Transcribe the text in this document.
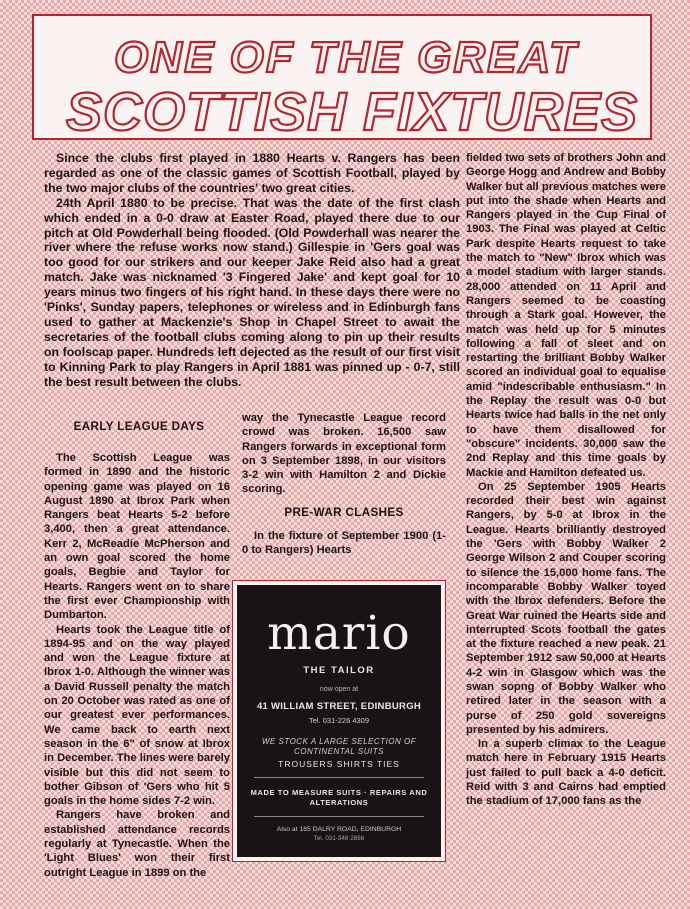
ONE OF THE GREAT
SCOTTISH FIXTURES

Since the clubs first played in 1880 Hearts v. Rangers has been regarded as one of the classic games of Scottish Football, played by the two major clubs of the countries' two great cities.

24th April 1880 to be precise. That was the date of the first clash which ended in a 0-0 draw at Easter Road, played there due to our pitch at Old Powderhall being flooded. (Old Powderhall was nearer the river where the refuse works now stand.) Gillespie in 'Gers goal was too good for our strikers and our keeper Jake Reid also had a great match. Jake was nicknamed '3 Fingered Jake' and kept goal for 10 years minus two fingers of his right hand. In these days there were no 'Pinks', Sunday papers, telephones or wireless and in Edinburgh fans used to gather at Mackenzie's Shop in Chapel Street to await the secretaries of the football clubs coming along to pin up their results on foolscap paper. Hundreds left dejected as the result of our first visit to Kinning Park to play Rangers in April 1881 was pinned up - 0-7, still the best result between the clubs.

fielded two sets of brothers John and George Hogg and Andrew and Bobby Walker but all previous matches were put into the shade when Hearts and Rangers played in the Cup Final of 1903. The Final was played at Celtic Park despite Hearts request to take the match to "New" Ibrox which was a model stadium with larger stands. 28,000 attended on 11 April and Rangers seemed to be coasting through a Stark goal. However, the match was held up for 5 minutes following a fall of sleet and on restarting the brilliant Bobby Walker scored an individual goal to equalise amid "indescribable enthusiasm." In the Replay the result was 0-0 but Hearts twice had balls in the net only to have them disallowed for "obscure" incidents. 30,000 saw the 2nd Replay and this time goals by Mackie and Hamilton defeated us.

On 25 September 1905 Hearts recorded their best win against Rangers, by 5-0 at Ibrox in the League. Hearts brilliantly destroyed the 'Gers with Bobby Walker 2 George Wilson 2 and Couper scoring to silence the 15,000 home fans. The incomparable Bobby Walker toyed with the Ibrox defenders. Before the Great War ruined the Hearts side and interrupted Scots football the gates at the fixture reached a new peak. 21 September 1912 saw 50,000 at Hearts 4-2 win in Glasgow which was the swan sopng of Bobby Walker who retired later in the season with a purse of 250 gold sovereigns presented by his admirers.

In a superb climax to the League match here in February 1915 Hearts just failed to pull back a 4-0 deficit. Reid with 3 and Cairns had emptied the stadium of 17,000 fans as the

EARLY LEAGUE DAYS

The Scottish League was formed in 1890 and the historic opening game was played on 16 August 1890 at Ibrox Park when Rangers beat Hearts 5-2 before 3,400, then a great attendance. Kerr 2, McReadie McPherson and an own goal scored the home goals, Begbie and Taylor for Hearts. Rangers went on to share the first ever Championship with Dumbarton.

Hearts took the League title of 1894-95 and on the way played and won the League fixture at Ibrox 1-0. Although the winner was a David Russell penalty the match on 20 October was rated as one of our greatest ever performances. We came back to earth next season in the 6" of snow at Ibrox in December. The lines were barely visible but this did not seem to bother Gibson of 'Gers who hit 5 goals in the home sides 7-2 win.

Rangers have broken and established attendance records regularly at Tynecastle. When the 'Light Blues' won their first outright League in 1899 on the

way the Tynecastle League record crowd was broken. 16,500 saw Rangers forwards in exceptional form on 3 September 1898, in our visitors 3-2 win with Hamilton 2 and Dickie scoring.

PRE-WAR CLASHES

In the fixture of September 1900 (1-0 to Rangers) Hearts

mario
THE TAILOR
now open at
41 WILLIAM STREET, EDINBURGH
Tel. 031-226 4309
WE STOCK A LARGE SELECTION OF
CONTINENTAL SUITS
TROUSERS SHIRTS TIES
MADE TO MEASURE SUITS · REPAIRS AND ALTERATIONS
Also at 165 DALRY ROAD, EDINBURGH
Tel. 031-346 2866
